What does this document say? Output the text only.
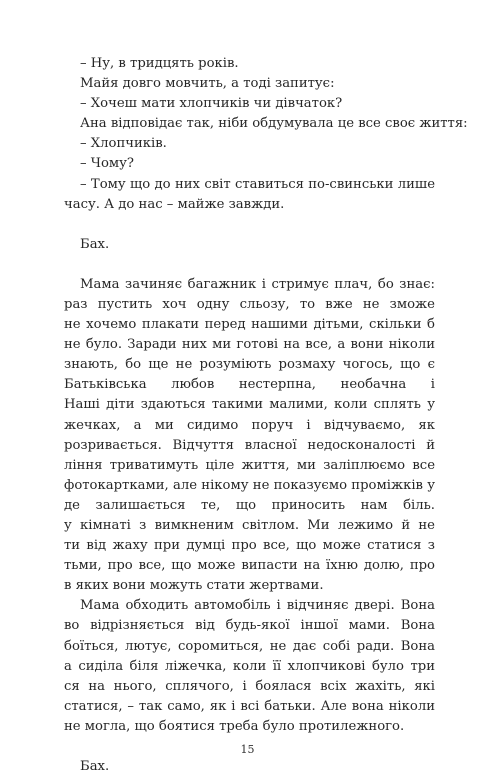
– Ну, в тридцять років.
Майя довго мовчить, а тоді запитує:
– Хочеш мати хлопчиків чи дівчаток?
Ана відповідає так, ніби обдумувала це все своє життя:
– Хлопчиків.
– Чому?
– Тому що до них світ ставиться по-свинськи лише
часу. А до нас – майже завжди.
Бах.
Мама зачиняє багажник і стримує плач, бо знає:
раз пустить хоч одну сльозу, то вже не зможе
не хочемо плакати перед нашими дітьми, скільки б
не було. Заради них ми готові на все, а вони ніколи
знають, бо ще не розуміють розмаху чогось, що є
Батьківська любов нестерпна, необачна і
Наші діти здаються такими малими, коли сплять у
жечках, а ми сидимо поруч і відчуваємо, як
розривається. Відчуття власної недосконалості й
ління триватимуть ціле життя, ми заліплюємо все
фотокартками, але нікому не показуємо проміжків у
де залишається те, що приносить нам біль.
у кімнаті з вимкненим світлом. Ми лежимо й не
ти від жаху при думці про все, що може статися з
тьми, про все, що може випасти на їхню долю, про
в яких вони можуть стати жертвами.
Мама обходить автомобіль і відчиняє двері. Вона
во відрізняється від будь-якої іншої мами. Вона
боїться, лютує, соромиться, не дає собі ради. Вона
а сиділа біля ліжечка, коли її хлопчикові було три
ся на нього, сплячого, і боялася всіх жахіть, які
статися, – так само, як і всі батьки. Але вона ніколи
не могла, що боятися треба було протилежного.
Бах.
15
